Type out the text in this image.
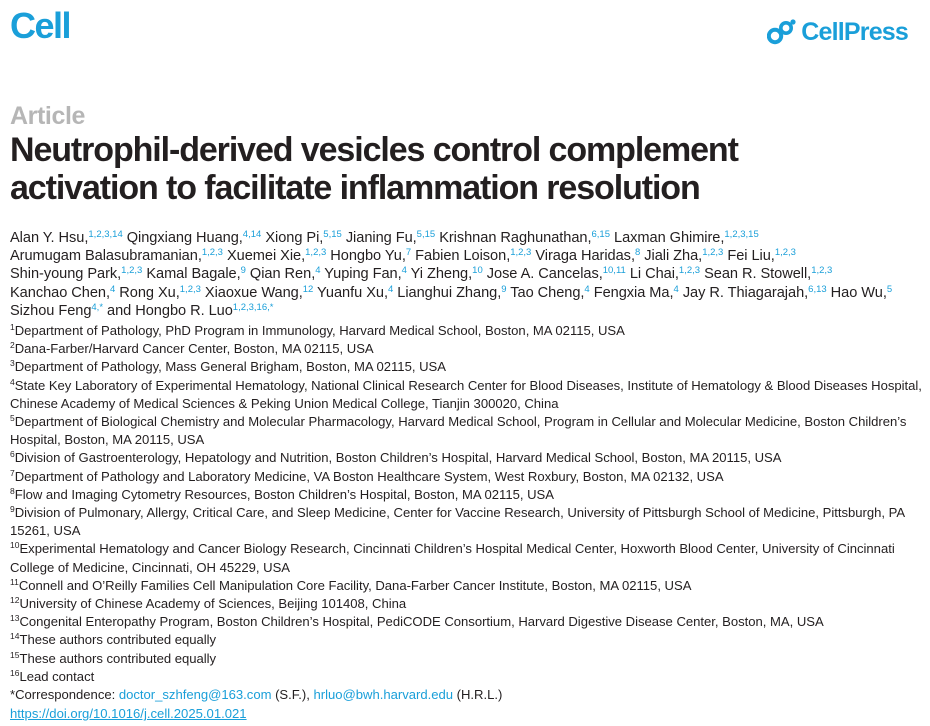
Cell	CellPress
Article
Neutrophil-derived vesicles control complement
activation to facilitate inflammation resolution
Alan Y. Hsu,$^{1,2,3,14}$ Qingxiang Huang,$^{4,14}$ Xiong Pi,$^{5,15}$ Jianing Fu,$^{5,15}$ Krishnan Raghunathan,$^{6,15}$ Laxman Ghimire,$^{1,2,3,15}$ Arumugam Balasubramanian,$^{1,2,3}$ Xuemei Xie,$^{1,2,3}$ Hongbo Yu,$^7$ Fabien Loison,$^{1,2,3}$ Viraga Haridas,$^8$ Jiali Zha,$^{1,2,3}$ Fei Liu,$^{1,2,3}$ Shin-young Park,$^{1,2,3}$ Kamal Bagale,$^9$ Qian Ren,$^4$ Yuping Fan,$^4$ Yi Zheng,$^{10}$ Jose A. Cancelas,$^{10,11}$ Li Chai,$^{1,2,3}$ Sean R. Stowell,$^{1,2,3}$ Kanchao Chen,$^4$ Rong Xu,$^{1,2,3}$ Xiaoxue Wang,$^{12}$ Yuanfu Xu,$^4$ Lianghui Zhang,$^9$ Tao Cheng,$^4$ Fengxia Ma,$^4$ Jay R. Thiagarajah,$^{6,13}$ Hao Wu,$^5$ Sizhou Feng$^{4,*}$ and Hongbo R. Luo$^{1,2,3,16,*}$
$^1$Department of Pathology, PhD Program in Immunology, Harvard Medical School, Boston, MA 02115, USA
$^2$Dana-Farber/Harvard Cancer Center, Boston, MA 02115, USA
$^3$Department of Pathology, Mass General Brigham, Boston, MA 02115, USA
$^4$State Key Laboratory of Experimental Hematology, National Clinical Research Center for Blood Diseases, Institute of Hematology & Blood Diseases Hospital, Chinese Academy of Medical Sciences & Peking Union Medical College, Tianjin 300020, China
$^5$Department of Biological Chemistry and Molecular Pharmacology, Harvard Medical School, Program in Cellular and Molecular Medicine, Boston Children’s Hospital, Boston, MA 20115, USA
$^6$Division of Gastroenterology, Hepatology and Nutrition, Boston Children’s Hospital, Harvard Medical School, Boston, MA 20115, USA
$^7$Department of Pathology and Laboratory Medicine, VA Boston Healthcare System, West Roxbury, Boston, MA 02132, USA
$^8$Flow and Imaging Cytometry Resources, Boston Children’s Hospital, Boston, MA 02115, USA
$^9$Division of Pulmonary, Allergy, Critical Care, and Sleep Medicine, Center for Vaccine Research, University of Pittsburgh School of Medicine, Pittsburgh, PA 15261, USA
$^{10}$Experimental Hematology and Cancer Biology Research, Cincinnati Children’s Hospital Medical Center, Hoxworth Blood Center, University of Cincinnati College of Medicine, Cincinnati, OH 45229, USA
$^{11}$Connell and O’Reilly Families Cell Manipulation Core Facility, Dana-Farber Cancer Institute, Boston, MA 02115, USA
$^{12}$University of Chinese Academy of Sciences, Beijing 101408, China
$^{13}$Congenital Enteropathy Program, Boston Children’s Hospital, PediCODE Consortium, Harvard Digestive Disease Center, Boston, MA, USA
$^{14}$These authors contributed equally
$^{15}$These authors contributed equally
$^{16}$Lead contact
*Correspondence: doctor_szhfeng@163.com (S.F.), hrluo@bwh.harvard.edu (H.R.L.)
https://doi.org/10.1016/j.cell.2025.01.021
